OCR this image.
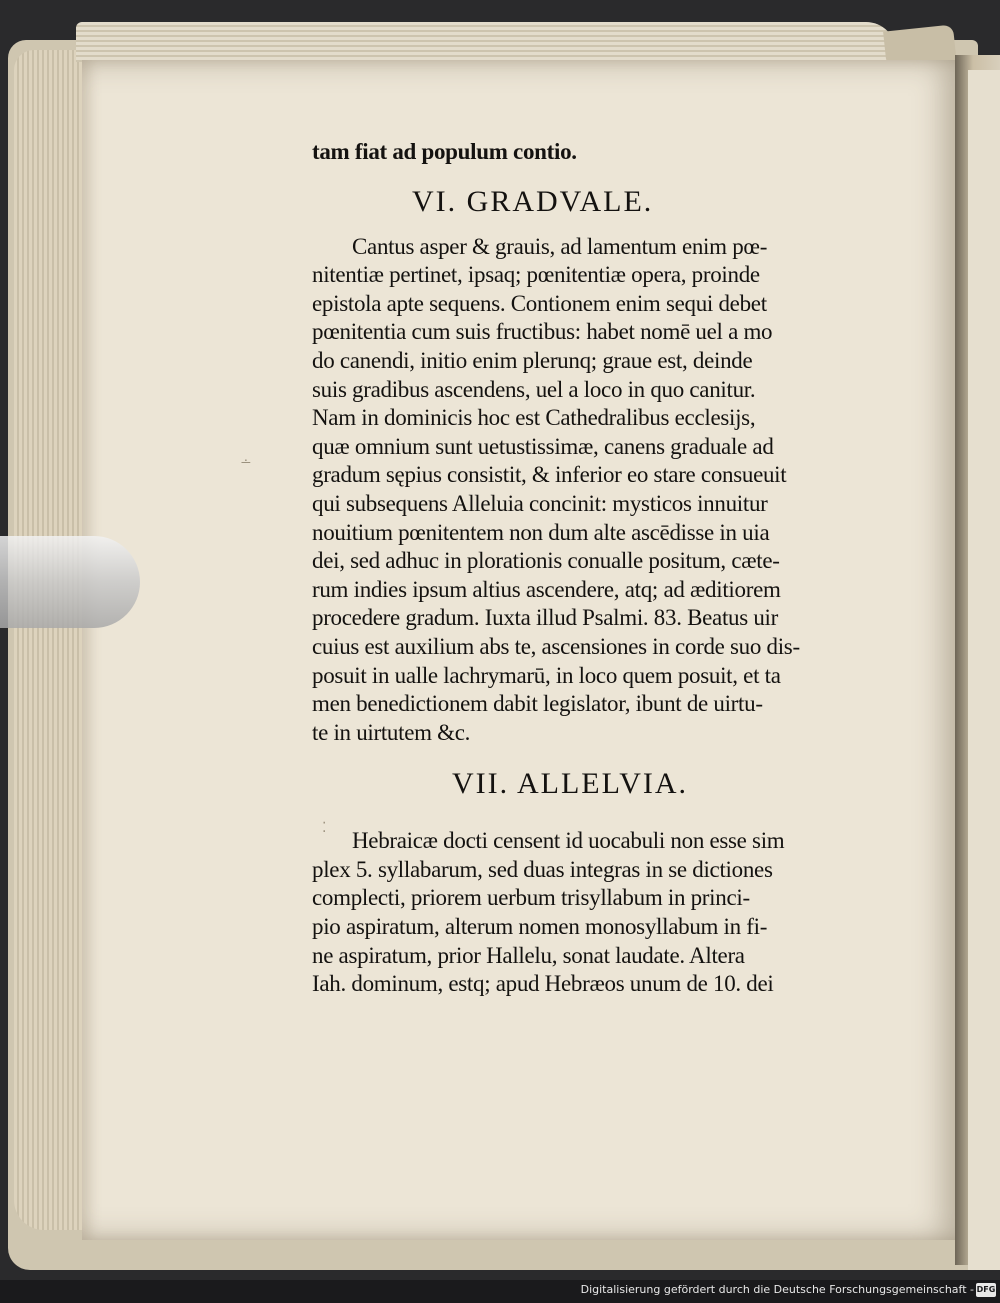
∸
⁚
tam fiat ad populum contio.
VI. GRADVALE.
Cantus asper & grauis, ad lamentum enim pœ-
nitentiæ pertinet, ipsaq; pœnitentiæ opera, proinde
epistola apte sequens. Contionem enim sequi debet
pœnitentia cum suis fructibus: habet nomē uel a mo
do canendi, initio enim plerunq; graue est, deinde
suis gradibus ascendens, uel a loco in quo canitur.
Nam in dominicis hoc est Cathedralibus ecclesijs,
quæ omnium sunt uetustissimæ, canens graduale ad
gradum sępius consistit, & inferior eo stare consueuit
qui subsequens Alleluia concinit: mysticos innuitur
nouitium pœnitentem non dum alte ascēdisse in uia
dei, sed adhuc in plorationis conualle positum, cæte-
rum indies ipsum altius ascendere, atq; ad æditiorem
procedere gradum. Iuxta illud Psalmi. 83. Beatus uir
cuius est auxilium abs te, ascensiones in corde suo dis-
posuit in ualle lachrymarū, in loco quem posuit, et ta
men benedictionem dabit legislator, ibunt de uirtu-
te in uirtutem &c.
VII. ALLELVIA.
Hebraicæ docti censent id uocabuli non esse sim
plex 5. syllabarum, sed duas integras in se dictiones
complecti, priorem uerbum trisyllabum in princi-
pio aspiratum, alterum nomen monosyllabum in fi-
ne aspiratum, prior Hallelu, sonat laudate. Altera
Iah. dominum, estq; apud Hebræos unum de 10. dei
Digitalisierung gefördert durch die Deutsche Forschungsgemeinschaft - DFG
